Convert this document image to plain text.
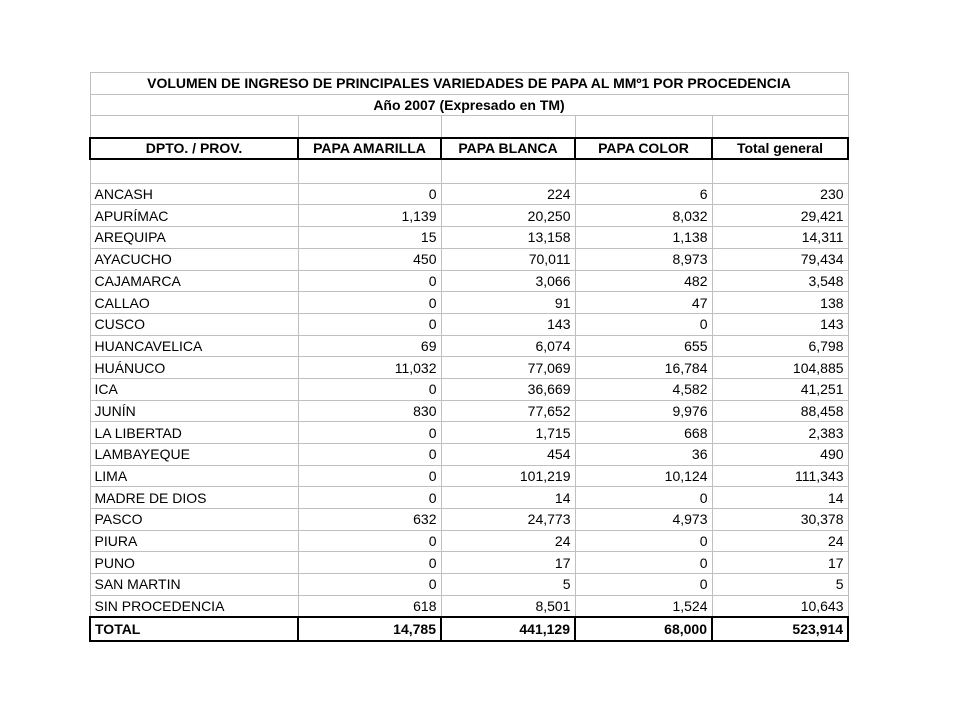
VOLUMEN DE INGRESO DE PRINCIPALES VARIEDADES DE PAPA AL MMº1 POR PROCEDENCIA				
Año 2007 (Expresado en TM)				

DPTO. / PROV.	PAPA AMARILLA	PAPA BLANCA	PAPA COLOR	Total general

ANCASH	0	224	6	230
APURÍMAC	1,139	20,250	8,032	29,421
AREQUIPA	15	13,158	1,138	14,311
AYACUCHO	450	70,011	8,973	79,434
CAJAMARCA	0	3,066	482	3,548
CALLAO	0	91	47	138
CUSCO	0	143	0	143
HUANCAVELICA	69	6,074	655	6,798
HUÁNUCO	11,032	77,069	16,784	104,885
ICA	0	36,669	4,582	41,251
JUNÍN	830	77,652	9,976	88,458
LA LIBERTAD	0	1,715	668	2,383
LAMBAYEQUE	0	454	36	490
LIMA	0	101,219	10,124	111,343
MADRE DE DIOS	0	14	0	14
PASCO	632	24,773	4,973	30,378
PIURA	0	24	0	24
PUNO	0	17	0	17
SAN MARTIN	0	5	0	5
SIN PROCEDENCIA	618	8,501	1,524	10,643
TOTAL	14,785	441,129	68,000	523,914
